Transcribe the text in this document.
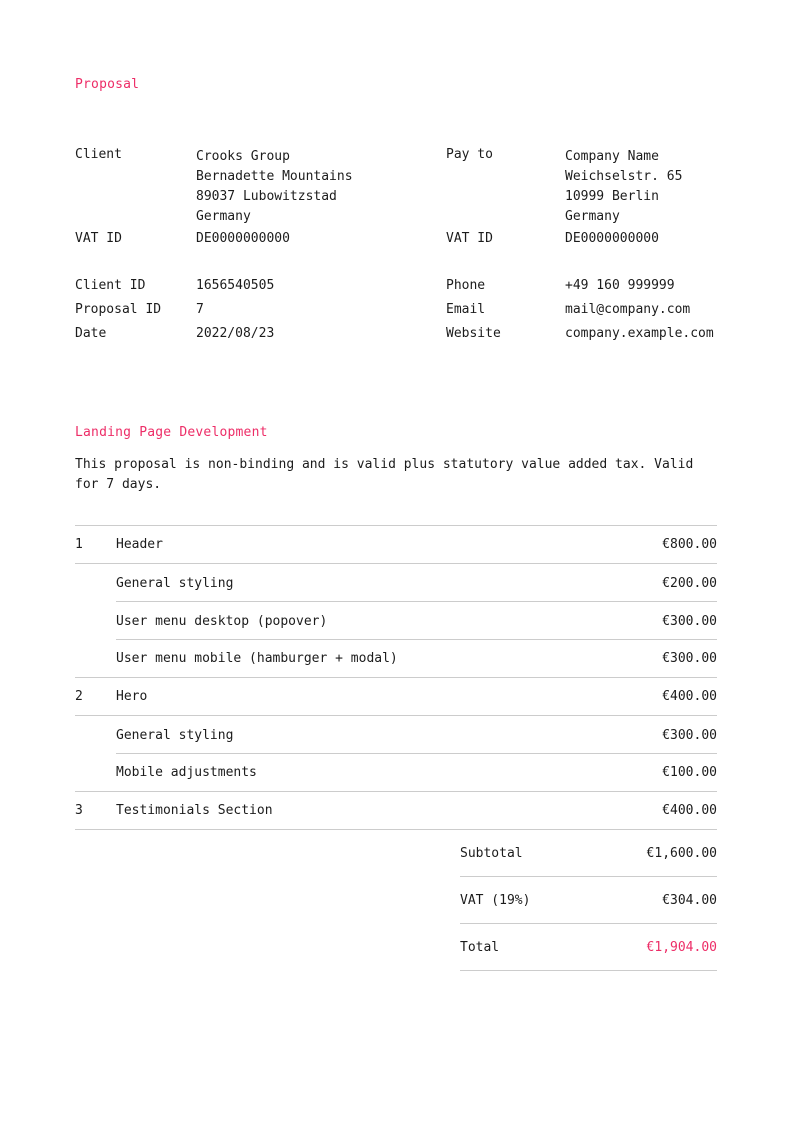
Proposal
Client	Crooks Group
Bernadette Mountains
89037 Lubowitzstad
Germany
VAT ID	DE0000000000
Client ID	1656540505
Proposal ID	7
Date	2022/08/23
Pay to	Company Name
Weichselstr. 65
10999 Berlin
Germany
VAT ID	DE0000000000
Phone	+49 160 999999
Email	mail@company.com
Website	company.example.com
Landing Page Development
This proposal is non-binding and is valid plus statutory value added tax. Valid for 7 days.
1	Header	€800.00
General styling	€200.00
User menu desktop (popover)	€300.00
User menu mobile (hamburger + modal)	€300.00
2	Hero	€400.00
General styling	€300.00
Mobile adjustments	€100.00
3	Testimonials Section	€400.00
Subtotal	€1,600.00
VAT (19%)	€304.00
Total	€1,904.00
